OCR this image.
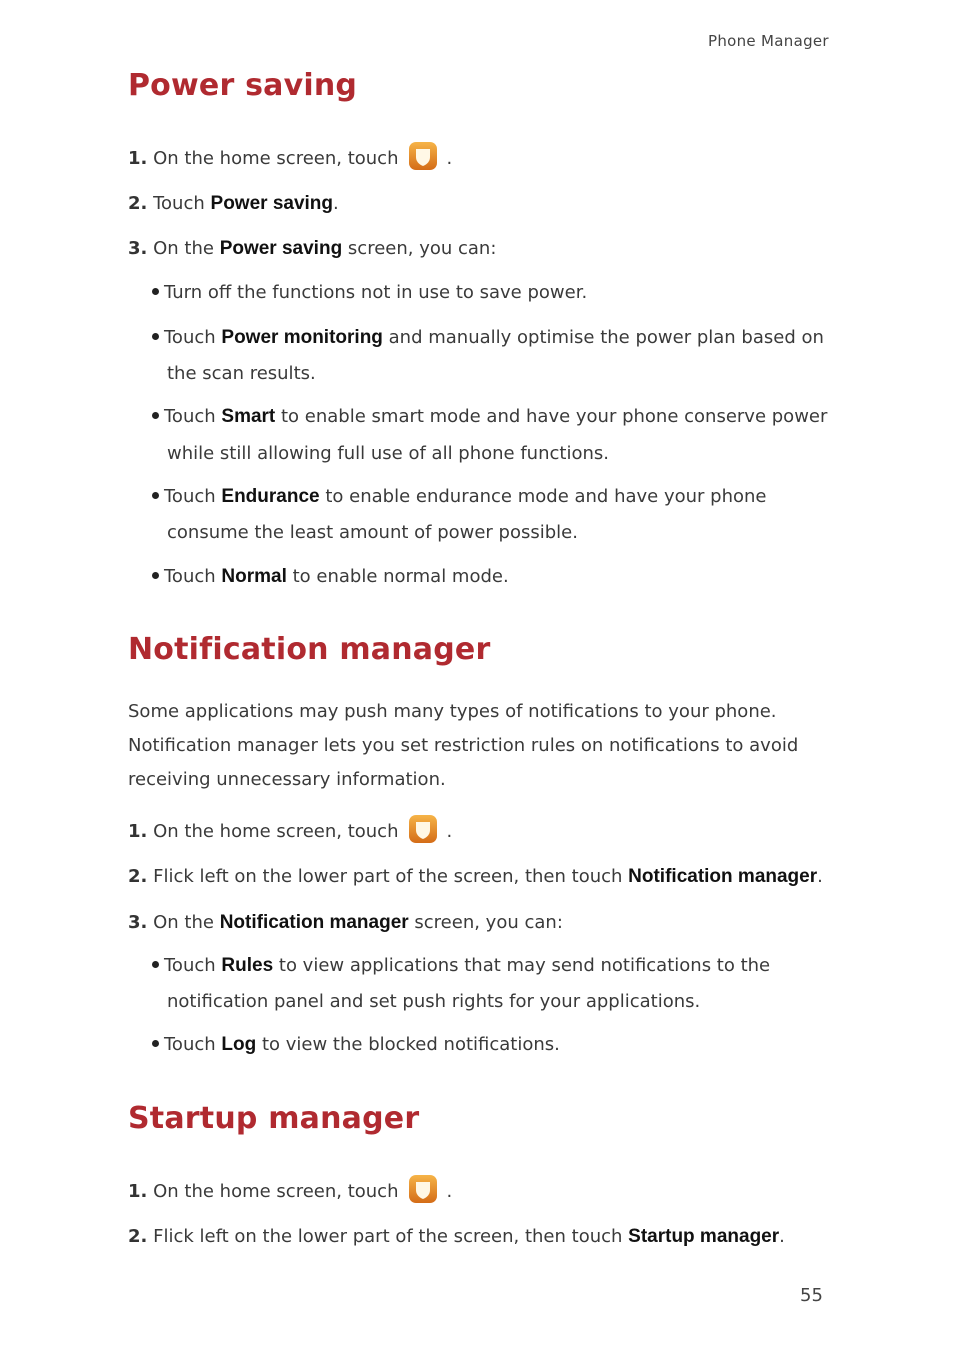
Phone Manager
Power saving
1. On the home screen, touch	.
2. Touch Power saving.
3. On the Power saving screen, you can:
Turn off the functions not in use to save power.
Touch Power monitoring and manually optimise the power plan based on
the scan results.
Touch Smart to enable smart mode and have your phone conserve power
while still allowing full use of all phone functions.
Touch Endurance to enable endurance mode and have your phone
consume the least amount of power possible.
Touch Normal to enable normal mode.
Notification manager
Some applications may push many types of notifications to your phone.
Notification manager lets you set restriction rules on notifications to avoid
receiving unnecessary information.
1. On the home screen, touch	.
2. Flick left on the lower part of the screen, then touch Notification manager.
3. On the Notification manager screen, you can:
Touch Rules to view applications that may send notifications to the
notification panel and set push rights for your applications.
Touch Log to view the blocked notifications.
Startup manager
1. On the home screen, touch	.
2. Flick left on the lower part of the screen, then touch Startup manager.
55
